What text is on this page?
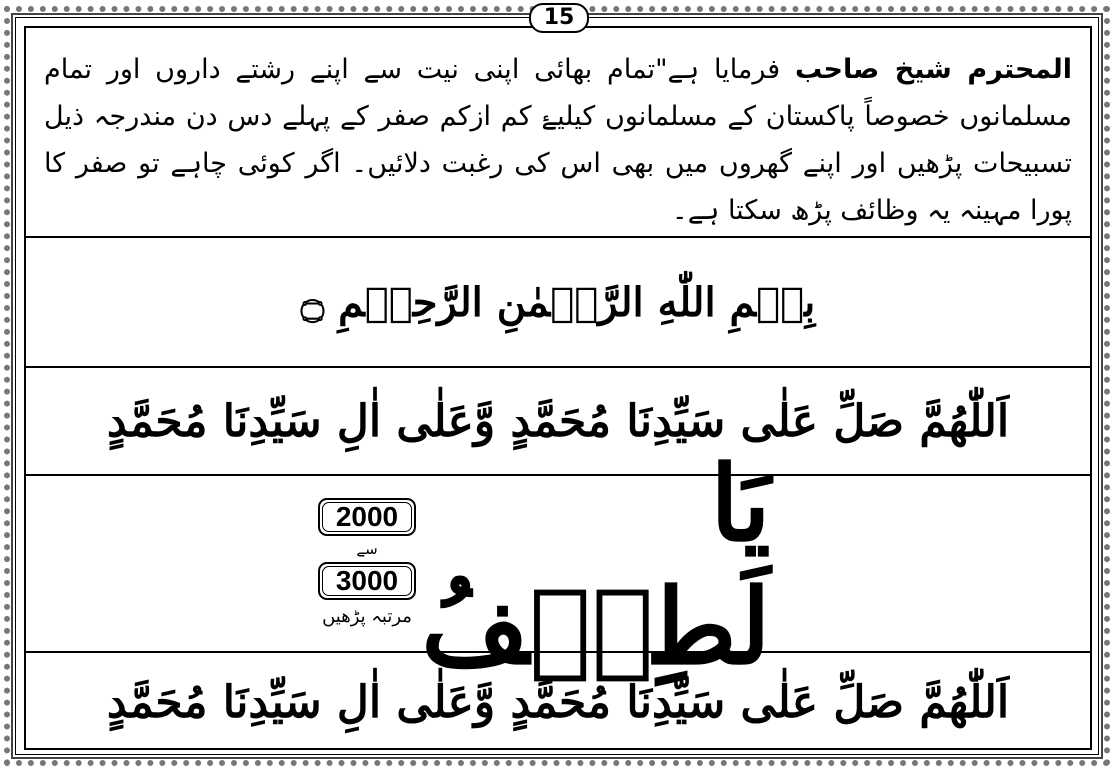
15

المحترم شیخ صاحب فرمایا ہے"تمام بھائی اپنی نیت سے اپنے رشتے داروں اور تمام مسلمانوں خصوصاً پاکستان کے مسلمانوں کیلیۓ کم ازکم صفر کے پہلے دس دن مندرجہ ذیل تسبیحات پڑھیں اور اپنے گھروں میں بھی اس کی رغبت دلائیں۔ اگر کوئی چاہے تو صفر کا پورا مہینہ یہ وظائف پڑھ سکتا ہے۔

بِسۡمِ اللّٰهِ الرَّحۡمٰنِ الرَّحِيۡمِ ۝
اَللّٰهُمَّ صَلِّ عَلٰی سَیِّدِنَا مُحَمَّدٍ وَّعَلٰی اٰلِ سَیِّدِنَا مُحَمَّدٍ
یَا لَطِیۡفُ
2000
سے
3000
مرتبہ پڑھیں
اَللّٰهُمَّ صَلِّ عَلٰی سَیِّدِنَا مُحَمَّدٍ وَّعَلٰی اٰلِ سَیِّدِنَا مُحَمَّدٍ
